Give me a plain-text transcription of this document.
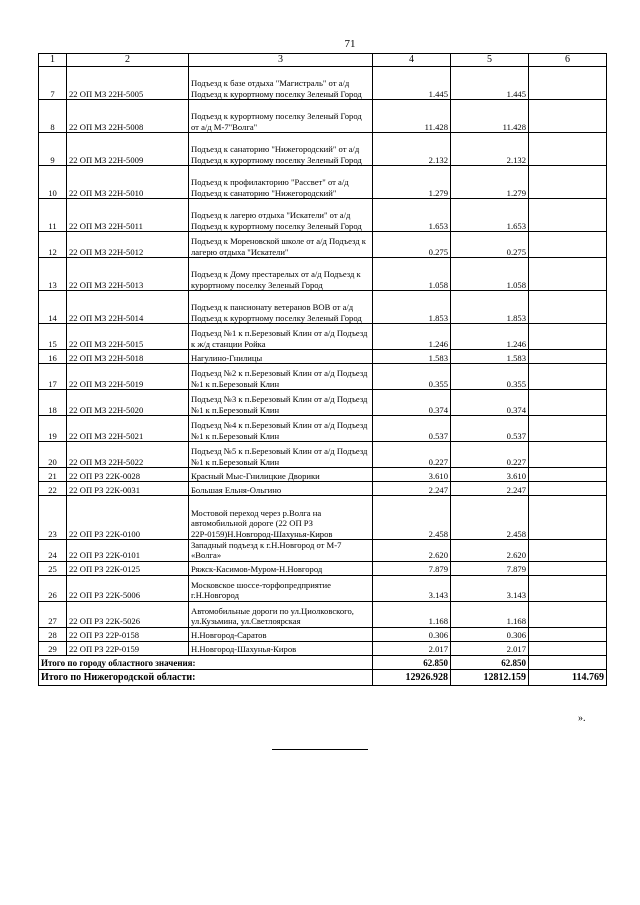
71
1	2	3	4	5	6
7	22 ОП МЗ 22Н-5005	Подъезд к базе отдыха "Магистраль" от а/д Подъезд к курортному поселку Зеленый Город	1.445	1.445	
8	22 ОП МЗ 22Н-5008	Подъезд к курортному поселку Зеленый Город от а/д М-7"Волга"	11.428	11.428	
9	22 ОП МЗ 22Н-5009	Подъезд к санаторию "Нижегородский" от а/д Подъезд к курортному поселку Зеленый Город	2.132	2.132	
10	22 ОП МЗ 22Н-5010	Подъезд к профилакторию "Рассвет" от а/д Подъезд к санаторию "Нижегородский"	1.279	1.279	
11	22 ОП МЗ 22Н-5011	Подъезд к лагерю отдыха "Искатели" от а/д Подъезд к курортному поселку Зеленый Город	1.653	1.653	
12	22 ОП МЗ 22Н-5012	Подъезд к Мореновской школе от а/д Подъезд к лагерю отдыха "Искатели"	0.275	0.275	
13	22 ОП МЗ 22Н-5013	Подъезд к Дому престарелых от а/д Подъезд к курортному поселку Зеленый Город	1.058	1.058	
14	22 ОП МЗ 22Н-5014	Подъезд к пансионату ветеранов ВОВ от а/д Подъезд к курортному поселку Зеленый Город	1.853	1.853	
15	22 ОП МЗ 22Н-5015	Подъезд №1 к п.Березовый Клин от а/д Подъезд к ж/д станции Ройка	1.246	1.246	
16	22 ОП МЗ 22Н-5018	Нагулино-Гнилицы	1.583	1.583	
17	22 ОП МЗ 22Н-5019	Подъезд №2 к п.Березовый Клин от а/д Подъезд №1 к п.Березовый Клин	0.355	0.355	
18	22 ОП МЗ 22Н-5020	Подъезд №3 к п.Березовый Клин от а/д Подъезд №1 к п.Березовый Клин	0.374	0.374	
19	22 ОП МЗ 22Н-5021	Подъезд №4 к п.Березовый Клин от а/д Подъезд №1 к п.Березовый Клин	0.537	0.537	
20	22 ОП МЗ 22Н-5022	Подъезд №5 к п.Березовый Клин от а/д Подъезд №1 к п.Березовый Клин	0.227	0.227	
21	22 ОП РЗ 22К-0028	Красный Мыс-Гнилицкие Дворики	3.610	3.610	
22	22 ОП РЗ 22К-0031	Большая Ельня-Ольгино	2.247	2.247	
23	22 ОП РЗ 22К-0100	Мостовой переход через р.Волга на автомобильной дороге (22 ОП РЗ 22Р-0159)Н.Новгород-Шахунья-Киров	2.458	2.458	
24	22 ОП РЗ 22К-0101	Западный подъезд к г.Н.Новгород от М-7 «Волга»	2.620	2.620	
25	22 ОП РЗ 22К-0125	Ряжск-Касимов-Муром-Н.Новгород	7.879	7.879	
26	22 ОП РЗ 22К-5006	Московское шоссе-торфопредприятие г.Н.Новгород	3.143	3.143	
27	22 ОП РЗ 22К-5026	Автомобильные дороги по ул.Циолковского, ул.Кузьмина, ул.Светлоярская	1.168	1.168	
28	22 ОП РЗ 22Р-0158	Н.Новгород-Саратов	0.306	0.306	
29	22 ОП РЗ 22Р-0159	Н.Новгород-Шахунья-Киров	2.017	2.017	
Итого по городу областного значения:			62.850	62.850	
Итого по Нижегородской области:			12926.928	12812.159	114.769
».
